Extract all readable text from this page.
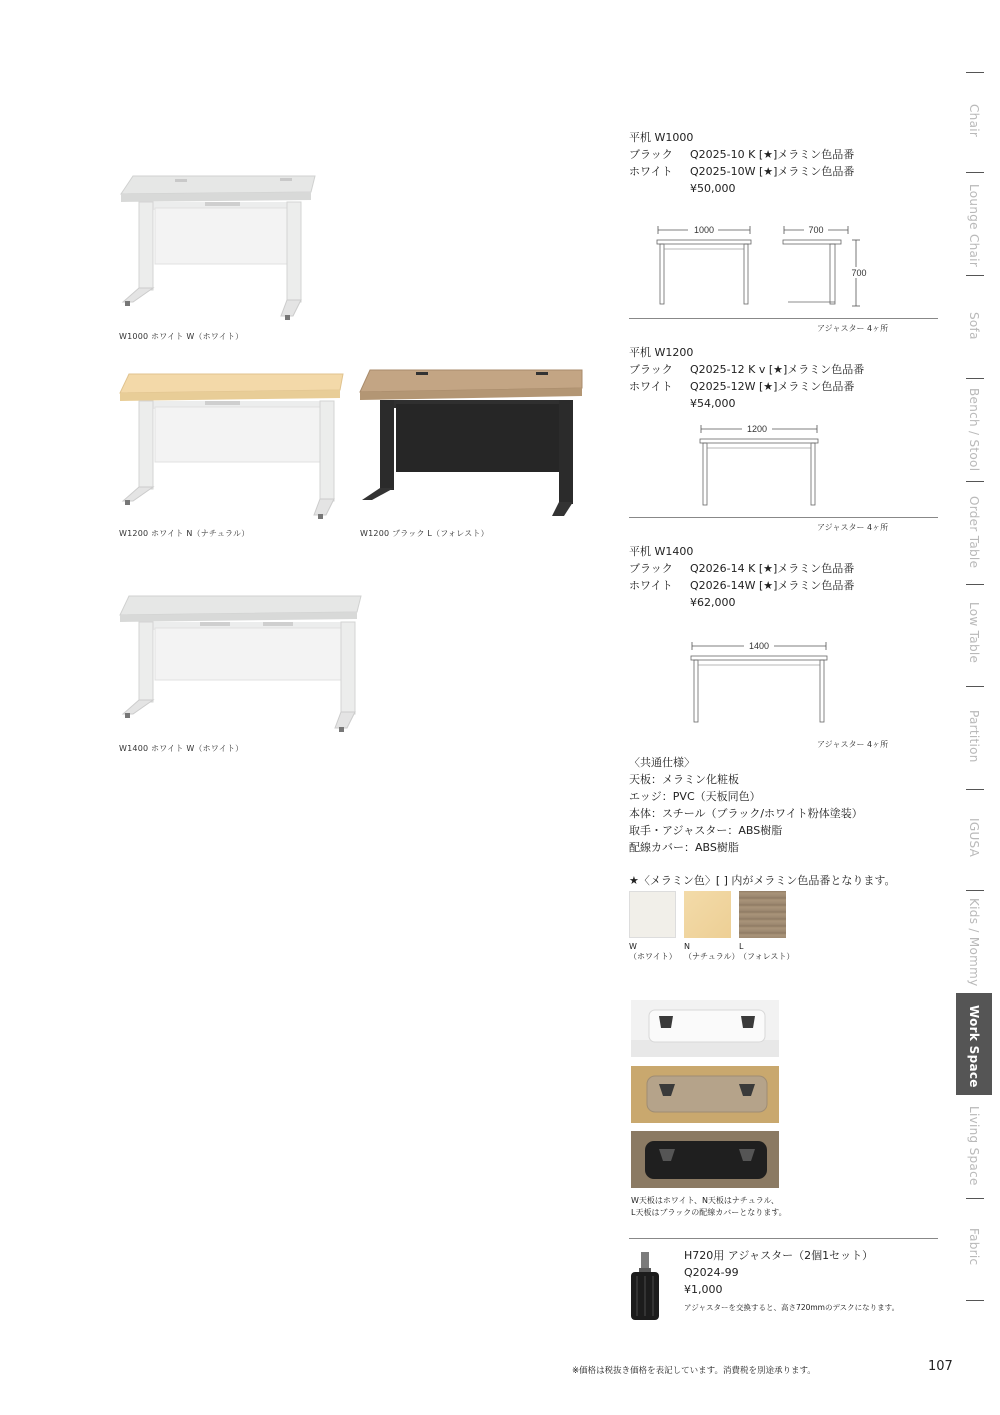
W1000 ホワイト W（ホワイト）
W1200 ホワイト N（ナチュラル）	W1200 ブラック L（フォレスト）
W1400 ホワイト W（ホワイト）
平机 W1000
ブラック	Q2025-10 K [★]メラミン色品番
ホワイト	Q2025-10W [★]メラミン色品番
¥50,000
1000	700
700
アジャスター 4ヶ所
平机 W1200
ブラック	Q2025-12 K v [★]メラミン色品番
ホワイト	Q2025-12W [★]メラミン色品番
¥54,000
1200
アジャスター 4ヶ所
平机 W1400
ブラック	Q2026-14 K [★]メラミン色品番
ホワイト	Q2026-14W [★]メラミン色品番
¥62,000
1400
アジャスター 4ヶ所
〈共通仕様〉
天板：メラミン化粧板
エッジ：PVC（天板同色）
本体：スチール（ブラック/ホワイト粉体塗装）
取手・アジャスター：ABS樹脂
配線カバー：ABS樹脂
★〈メラミン色〉[ ] 内がメラミン色品番となります。
W
（ホワイト）
N
（ナチュラル）
L
（フォレスト）
W天板はホワイト、N天板はナチュラル、
L天板はブラックの配線カバーとなります。
H720用 アジャスター（2個1セット）
Q2024-99
¥1,000
アジャスターを交換すると、高さ720mmのデスクになります。
※価格は税抜き価格を表記しています。消費税を別途承ります。	107
Chair
Lounge Chair
Sofa
Bench / Stool
Order Table
Low Table
Partition
IGUSA
Kids / Mommy
Work Space
Living Space
Fabric
